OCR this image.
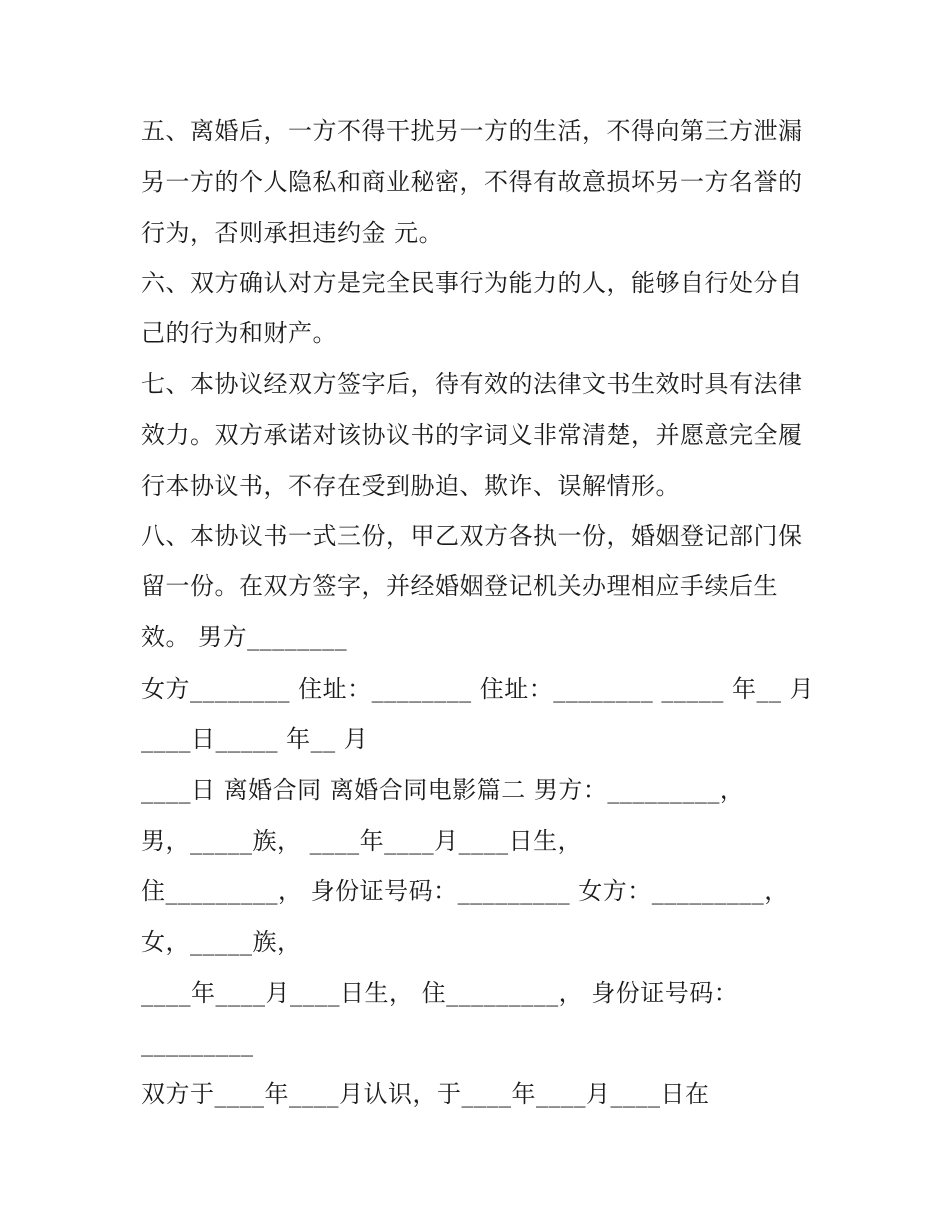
五、离婚后，一方不得干扰另一方的生活，不得向第三方泄漏
另一方的个人隐私和商业秘密，不得有故意损坏另一方名誉的
行为，否则承担违约金 元。
六、双方确认对方是完全民事行为能力的人，能够自行处分自
己的行为和财产。
七、本协议经双方签字后，待有效的法律文书生效时具有法律
效力。双方承诺对该协议书的字词义非常清楚，并愿意完全履
行本协议书，不存在受到胁迫、欺诈、误解情形。
八、本协议书一式三份，甲乙双方各执一份，婚姻登记部门保
留一份。在双方签字，并经婚姻登记机关办理相应手续后生
效。 男方________
女方________ 住址：________ 住址：________ _____ 年__ 月
____日_____ 年__ 月
____日 离婚合同 离婚合同电影篇二 男方：_________，
男，_____族， ____年____月____日生，
住_________， 身份证号码：_________ 女方：_________，
女，_____族，
____年____月____日生， 住_________， 身份证号码：
_________
双方于____年____月认识，于____年____月____日在
